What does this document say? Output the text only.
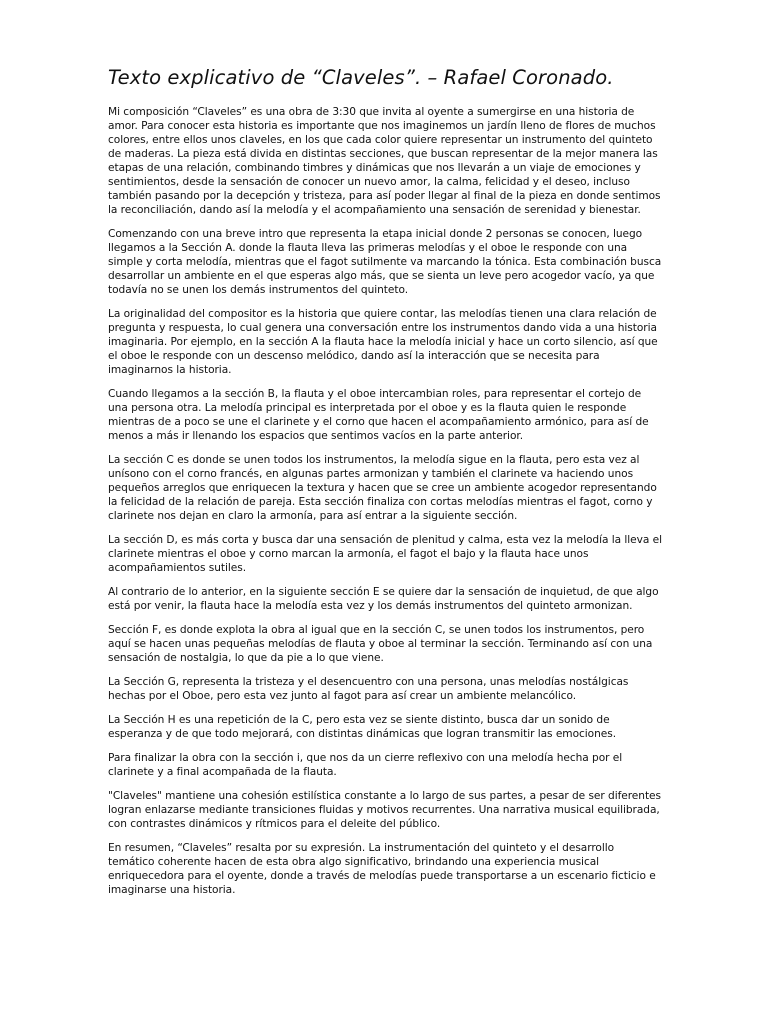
Texto explicativo de “Claveles”. – Rafael Coronado.

Mi composición “Claveles” es una obra de 3:30 que invita al oyente a sumergirse en una historia de amor. Para conocer esta historia es importante que nos imaginemos un jardín lleno de flores de muchos colores, entre ellos unos claveles, en los que cada color quiere representar un instrumento del quinteto de maderas. La pieza está divida en distintas secciones, que buscan representar de la mejor manera las etapas de una relación, combinando timbres y dinámicas que nos llevarán a un viaje de emociones y sentimientos, desde la sensación de conocer un nuevo amor, la calma, felicidad y el deseo, incluso también pasando por la decepción y tristeza, para así poder llegar al final de la pieza en donde sentimos la reconciliación, dando así la melodía y el acompañamiento una sensación de serenidad y bienestar.

Comenzando con una breve intro que representa la etapa inicial donde 2 personas se conocen, luego llegamos a la Sección A. donde la flauta lleva las primeras melodías y el oboe le responde con una simple y corta melodía, mientras que el fagot sutilmente va marcando la tónica. Esta combinación busca desarrollar un ambiente en el que esperas algo más, que se sienta un leve pero acogedor vacío, ya que todavía no se unen los demás instrumentos del quinteto.

La originalidad del compositor es la historia que quiere contar, las melodías tienen una clara relación de pregunta y respuesta, lo cual genera una conversación entre los instrumentos dando vida a una historia imaginaria. Por ejemplo, en la sección A la flauta hace la melodía inicial y hace un corto silencio, así que el oboe le responde con un descenso melódico, dando así la interacción que se necesita para imaginarnos la historia.

Cuando llegamos a la sección B, la flauta y el oboe intercambian roles, para representar el cortejo de una persona otra. La melodía principal es interpretada por el oboe y es la flauta quien le responde mientras de a poco se une el clarinete y el corno que hacen el acompañamiento armónico, para así de menos a más ir llenando los espacios que sentimos vacíos en la parte anterior.

La sección C es donde se unen todos los instrumentos, la melodía sigue en la flauta, pero esta vez al unísono con el corno francés, en algunas partes armonizan y también el clarinete va haciendo unos pequeños arreglos que enriquecen la textura y hacen que se cree un ambiente acogedor representando la felicidad de la relación de pareja. Esta sección finaliza con cortas melodías mientras el fagot, corno y clarinete nos dejan en claro la armonía, para así entrar a la siguiente sección.

La sección D, es más corta y busca dar una sensación de plenitud y calma, esta vez la melodía la lleva el clarinete mientras el oboe y corno marcan la armonía, el fagot el bajo y la flauta hace unos acompañamientos sutiles.

Al contrario de lo anterior, en la siguiente sección E se quiere dar la sensación de inquietud, de que algo está por venir, la flauta hace la melodía esta vez y los demás instrumentos del quinteto armonizan.

Sección F, es donde explota la obra al igual que en la sección C, se unen todos los instrumentos, pero aquí se hacen unas pequeñas melodías de flauta y oboe al terminar la sección. Terminando así con una sensación de nostalgia, lo que da pie a lo que viene.

La Sección G, representa la tristeza y el desencuentro con una persona, unas melodías nostálgicas hechas por el Oboe, pero esta vez junto al fagot para así crear un ambiente melancólico.

La Sección H es una repetición de la C, pero esta vez se siente distinto, busca dar un sonido de esperanza y de que todo mejorará, con distintas dinámicas que logran transmitir las emociones.

Para finalizar la obra con la sección i, que nos da un cierre reflexivo con una melodía hecha por el clarinete y a final acompañada de la flauta.

"Claveles" mantiene una cohesión estilística constante a lo largo de sus partes, a pesar de ser diferentes logran enlazarse mediante transiciones fluidas y motivos recurrentes. Una narrativa musical equilibrada, con contrastes dinámicos y rítmicos para el deleite del público.

En resumen, “Claveles” resalta por su expresión. La instrumentación del quinteto y el desarrollo temático coherente hacen de esta obra algo significativo, brindando una experiencia musical enriquecedora para el oyente, donde a través de melodías puede transportarse a un escenario ficticio e imaginarse una historia.
